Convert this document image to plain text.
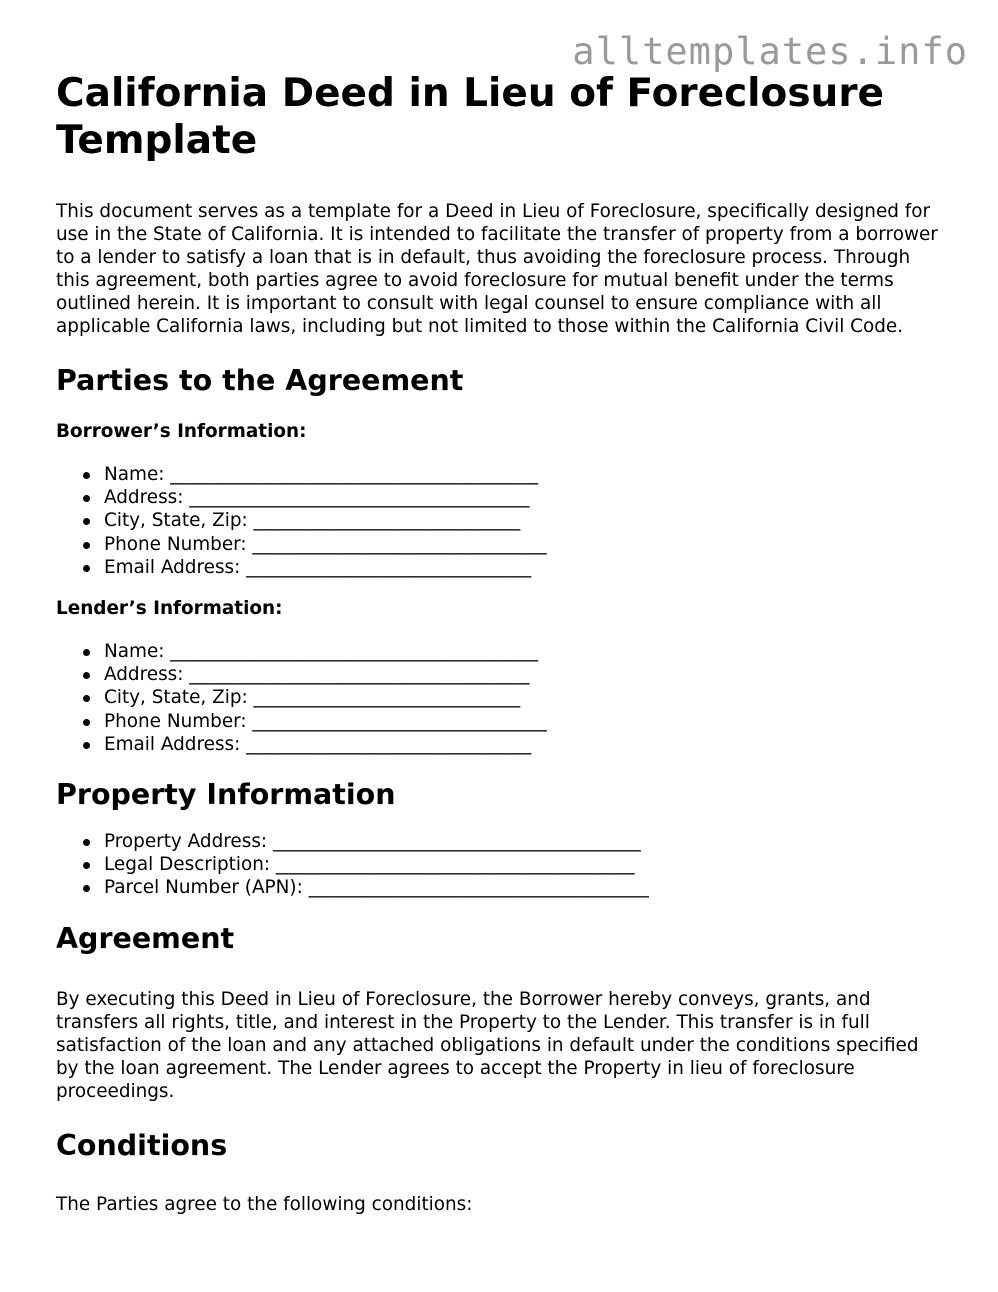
alltemplates.info
California Deed in Lieu of Foreclosure Template

This document serves as a template for a Deed in Lieu of Foreclosure, specifically designed for use in the State of California. It is intended to facilitate the transfer of property from a borrower to a lender to satisfy a loan that is in default, thus avoiding the foreclosure process. Through this agreement, both parties agree to avoid foreclosure for mutual benefit under the terms outlined herein. It is important to consult with legal counsel to ensure compliance with all applicable California laws, including but not limited to those within the California Civil Code.

Parties to the Agreement
Borrower’s Information:
Name: ________________________________________
Address: _____________________________________
City, State, Zip: _____________________________
Phone Number: ________________________________
Email Address: _______________________________
Lender’s Information:
Name: ________________________________________
Address: _____________________________________
City, State, Zip: _____________________________
Phone Number: ________________________________
Email Address: _______________________________
Property Information
Property Address: ________________________________________
Legal Description: _______________________________________
Parcel Number (APN): _____________________________________
Agreement

By executing this Deed in Lieu of Foreclosure, the Borrower hereby conveys, grants, and transfers all rights, title, and interest in the Property to the Lender. This transfer is in full satisfaction of the loan and any attached obligations in default under the conditions specified by the loan agreement. The Lender agrees to accept the Property in lieu of foreclosure proceedings.

Conditions

The Parties agree to the following conditions:
